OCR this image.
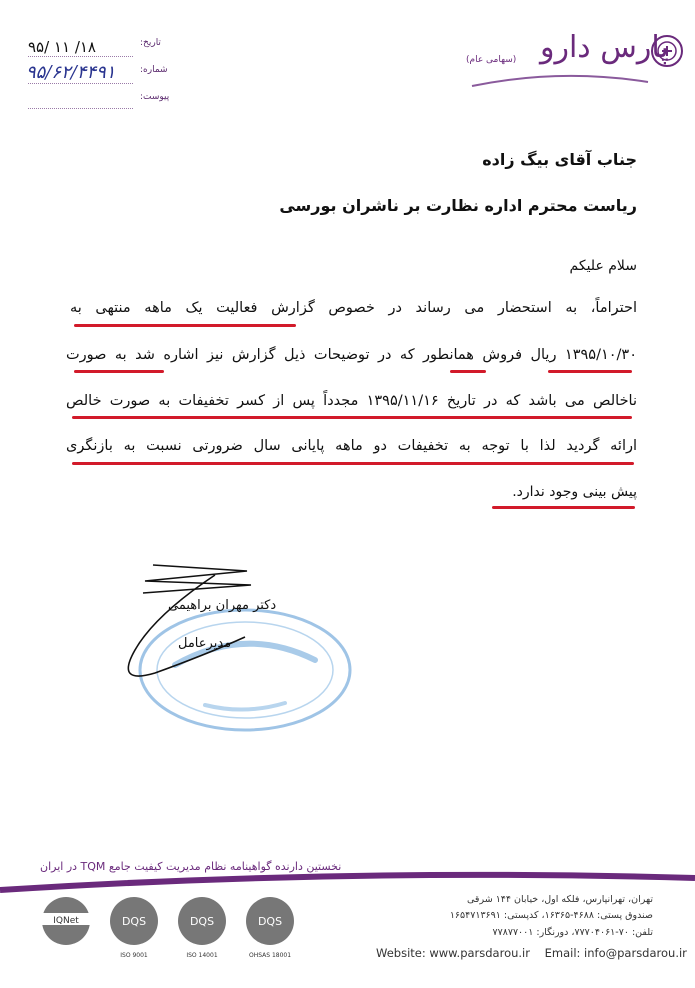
تاریخ:
شماره:
پیوست:
۹۵/ ۱۱ /۱۸
۹۵/۶۲/۴۴۹۱
پارس دارو
(سهامی عام)
جناب آقای بیگ زاده
ریاست محترم اداره نظارت بر ناشران بورسی
سلام علیکم
احتراماً، به استحضار می رساند در خصوص گزارش فعالیت یک ماهه منتهی به
۱۳۹۵/۱۰/۳۰ ریال فروش همانطور که در توضیحات ذیل گزارش نیز اشاره شد به صورت
ناخالص می باشد که در تاریخ ۱۳۹۵/۱۱/۱۶ مجدداً پس از کسر تخفیفات به صورت خالص
ارائه گردید لذا با توجه به تخفیفات دو ماهه پایانی سال ضرورتی نسبت به بازنگری
پیش بینی وجود ندارد.
دکتر مهران براهیمی
مدیرعامل
نخستین دارنده گواهینامه نظام مدیریت کیفیت جامع TQM در ایران
IQNet	DQS
ISO 9001
DQS
ISO 14001
DQS
OHSAS 18001
تهران، تهرانپارس، فلکه اول، خیابان ۱۴۴ شرقی
صندوق پستی: ۴۶۸۸-۱۶۳۶۵، کدپستی: ۱۶۵۴۷۱۳۶۹۱
تلفن: ۷۰-۷۷۷۰۴۰۶۱، دورنگار: ۷۷۸۷۷۰۰۱
Website: www.parsdarou.ir Email: info@parsdarou.ir
